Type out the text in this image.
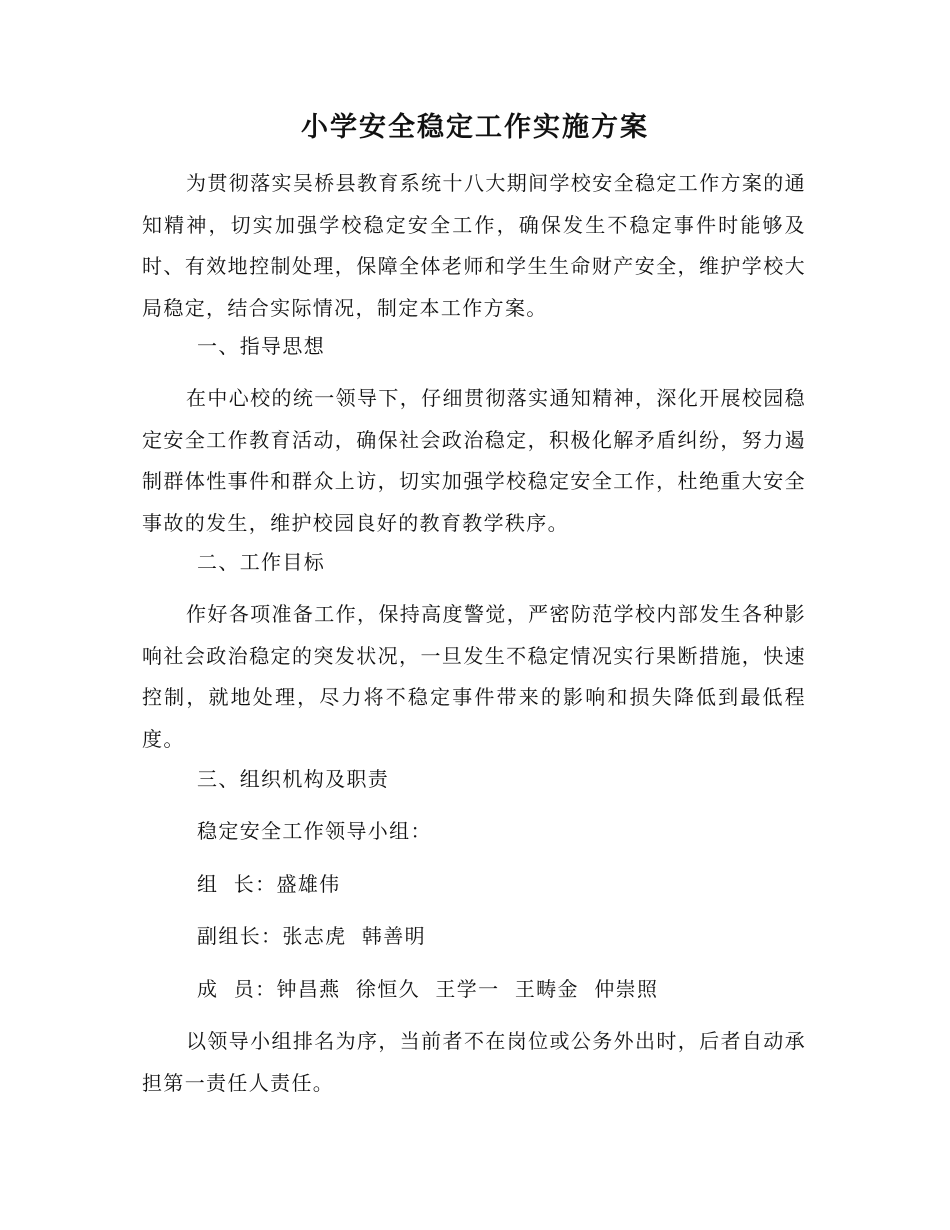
小学安全稳定工作实施方案

为贯彻落实吴桥县教育系统十八大期间学校安全稳定工作方案的通知精神，切实加强学校稳定安全工作，确保发生不稳定事件时能够及时、有效地控制处理，保障全体老师和学生生命财产安全，维护学校大局稳定，结合实际情况，制定本工作方案。

一、指导思想

在中心校的统一领导下，仔细贯彻落实通知精神，深化开展校园稳定安全工作教育活动，确保社会政治稳定，积极化解矛盾纠纷，努力遏制群体性事件和群众上访，切实加强学校稳定安全工作，杜绝重大安全事故的发生，维护校园良好的教育教学秩序。

二、工作目标

作好各项准备工作，保持高度警觉，严密防范学校内部发生各种影响社会政治稳定的突发状况，一旦发生不稳定情况实行果断措施，快速控制，就地处理，尽力将不稳定事件带来的影响和损失降低到最低程度。

三、组织机构及职责

稳定安全工作领导小组：

组  长：盛雄伟

副组长：张志虎  韩善明

成  员：钟昌燕  徐恒久  王学一  王畴金  仲崇照

以领导小组排名为序，当前者不在岗位或公务外出时，后者自动承担第一责任人责任。
